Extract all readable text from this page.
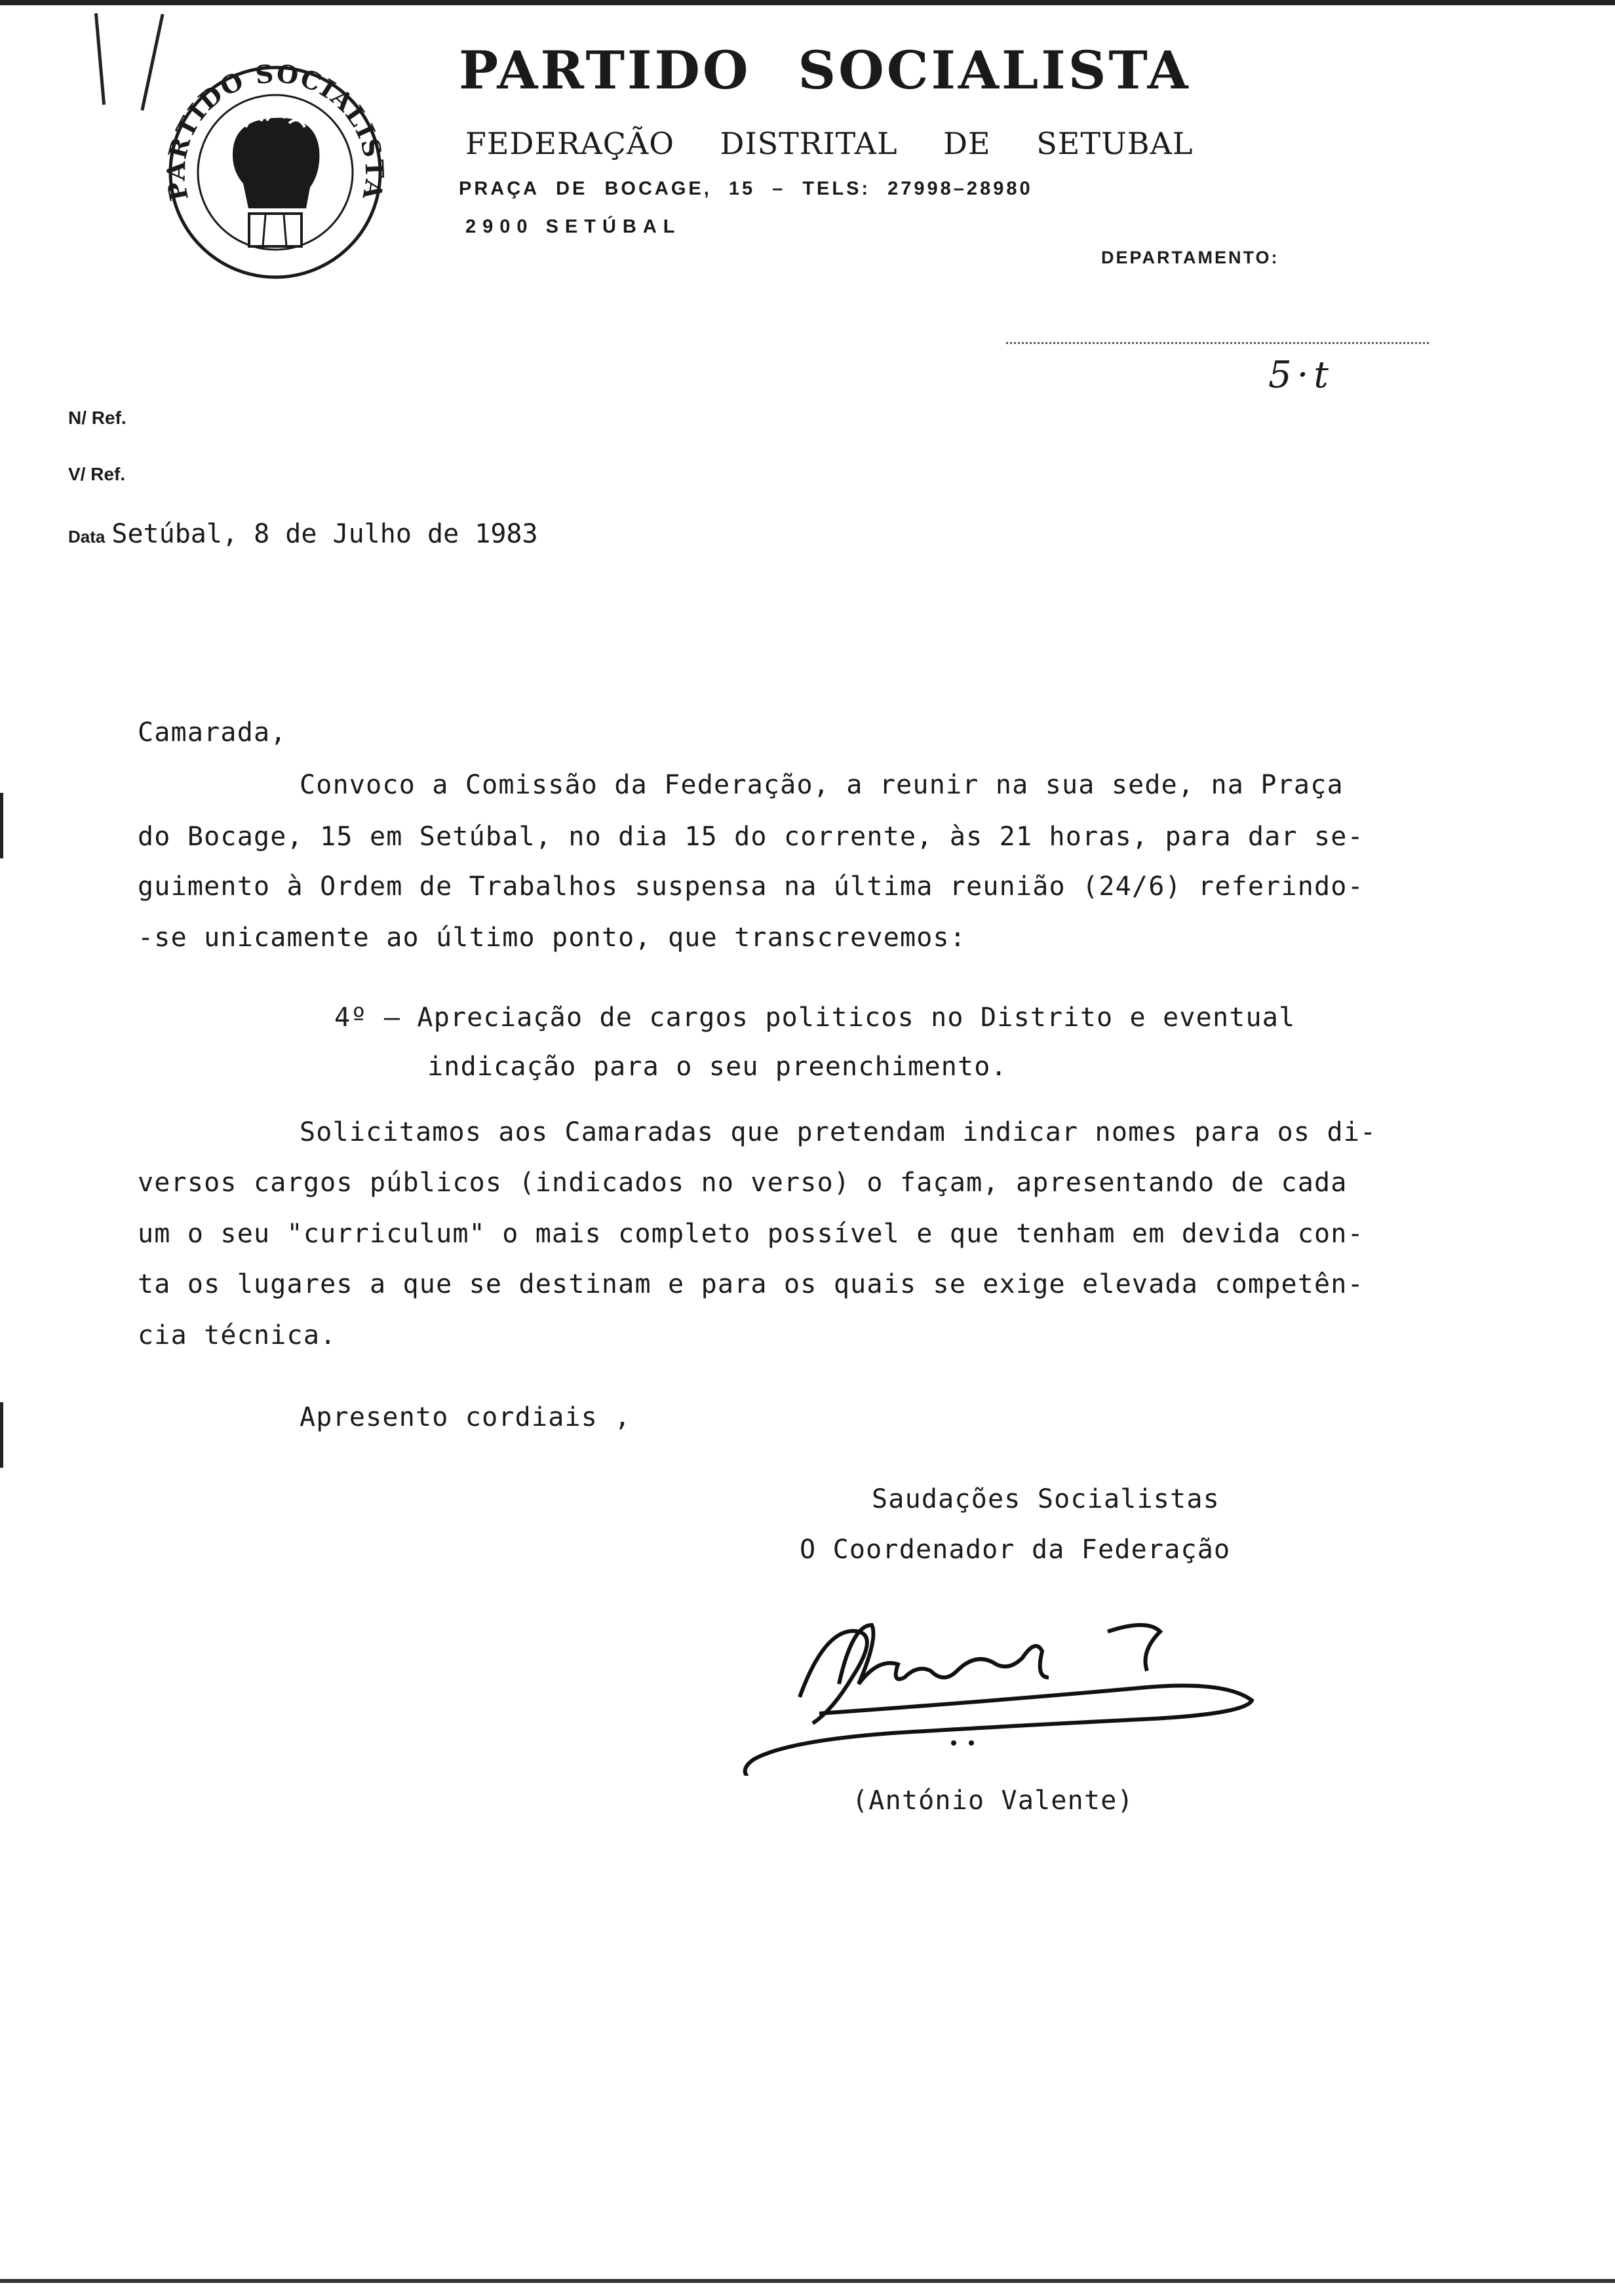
PARTIDO SOCIALISTA
PARTIDO SOCIALISTA
FEDERAÇÃO DISTRITAL DE SETUBAL
PRAÇA DE BOCAGE, 15 – TELS: 27998–28980
2900 SETÚBAL
DEPARTAMENTO:
5·t
N/ Ref.
V/ Ref.
Data Setúbal, 8 de Julho de 1983
Camarada,
Convoco a Comissão da Federação, a reunir na sua sede, na Praça
do Bocage, 15 em Setúbal, no dia 15 do corrente, às 21 horas, para dar se-
guimento à Ordem de Trabalhos suspensa na última reunião (24/6) referindo-
-se unicamente ao último ponto, que transcrevemos:
4º – Apreciação de cargos politicos no Distrito e eventual
indicação para o seu preenchimento.
Solicitamos aos Camaradas que pretendam indicar nomes para os di-
versos cargos públicos (indicados no verso) o façam, apresentando de cada
um o seu "curriculum" o mais completo possível e que tenham em devida con-
ta os lugares a que se destinam e para os quais se exige elevada competên-
cia técnica.
Apresento cordiais ,
Saudações Socialistas
O Coordenador da Federação
(António Valente)
